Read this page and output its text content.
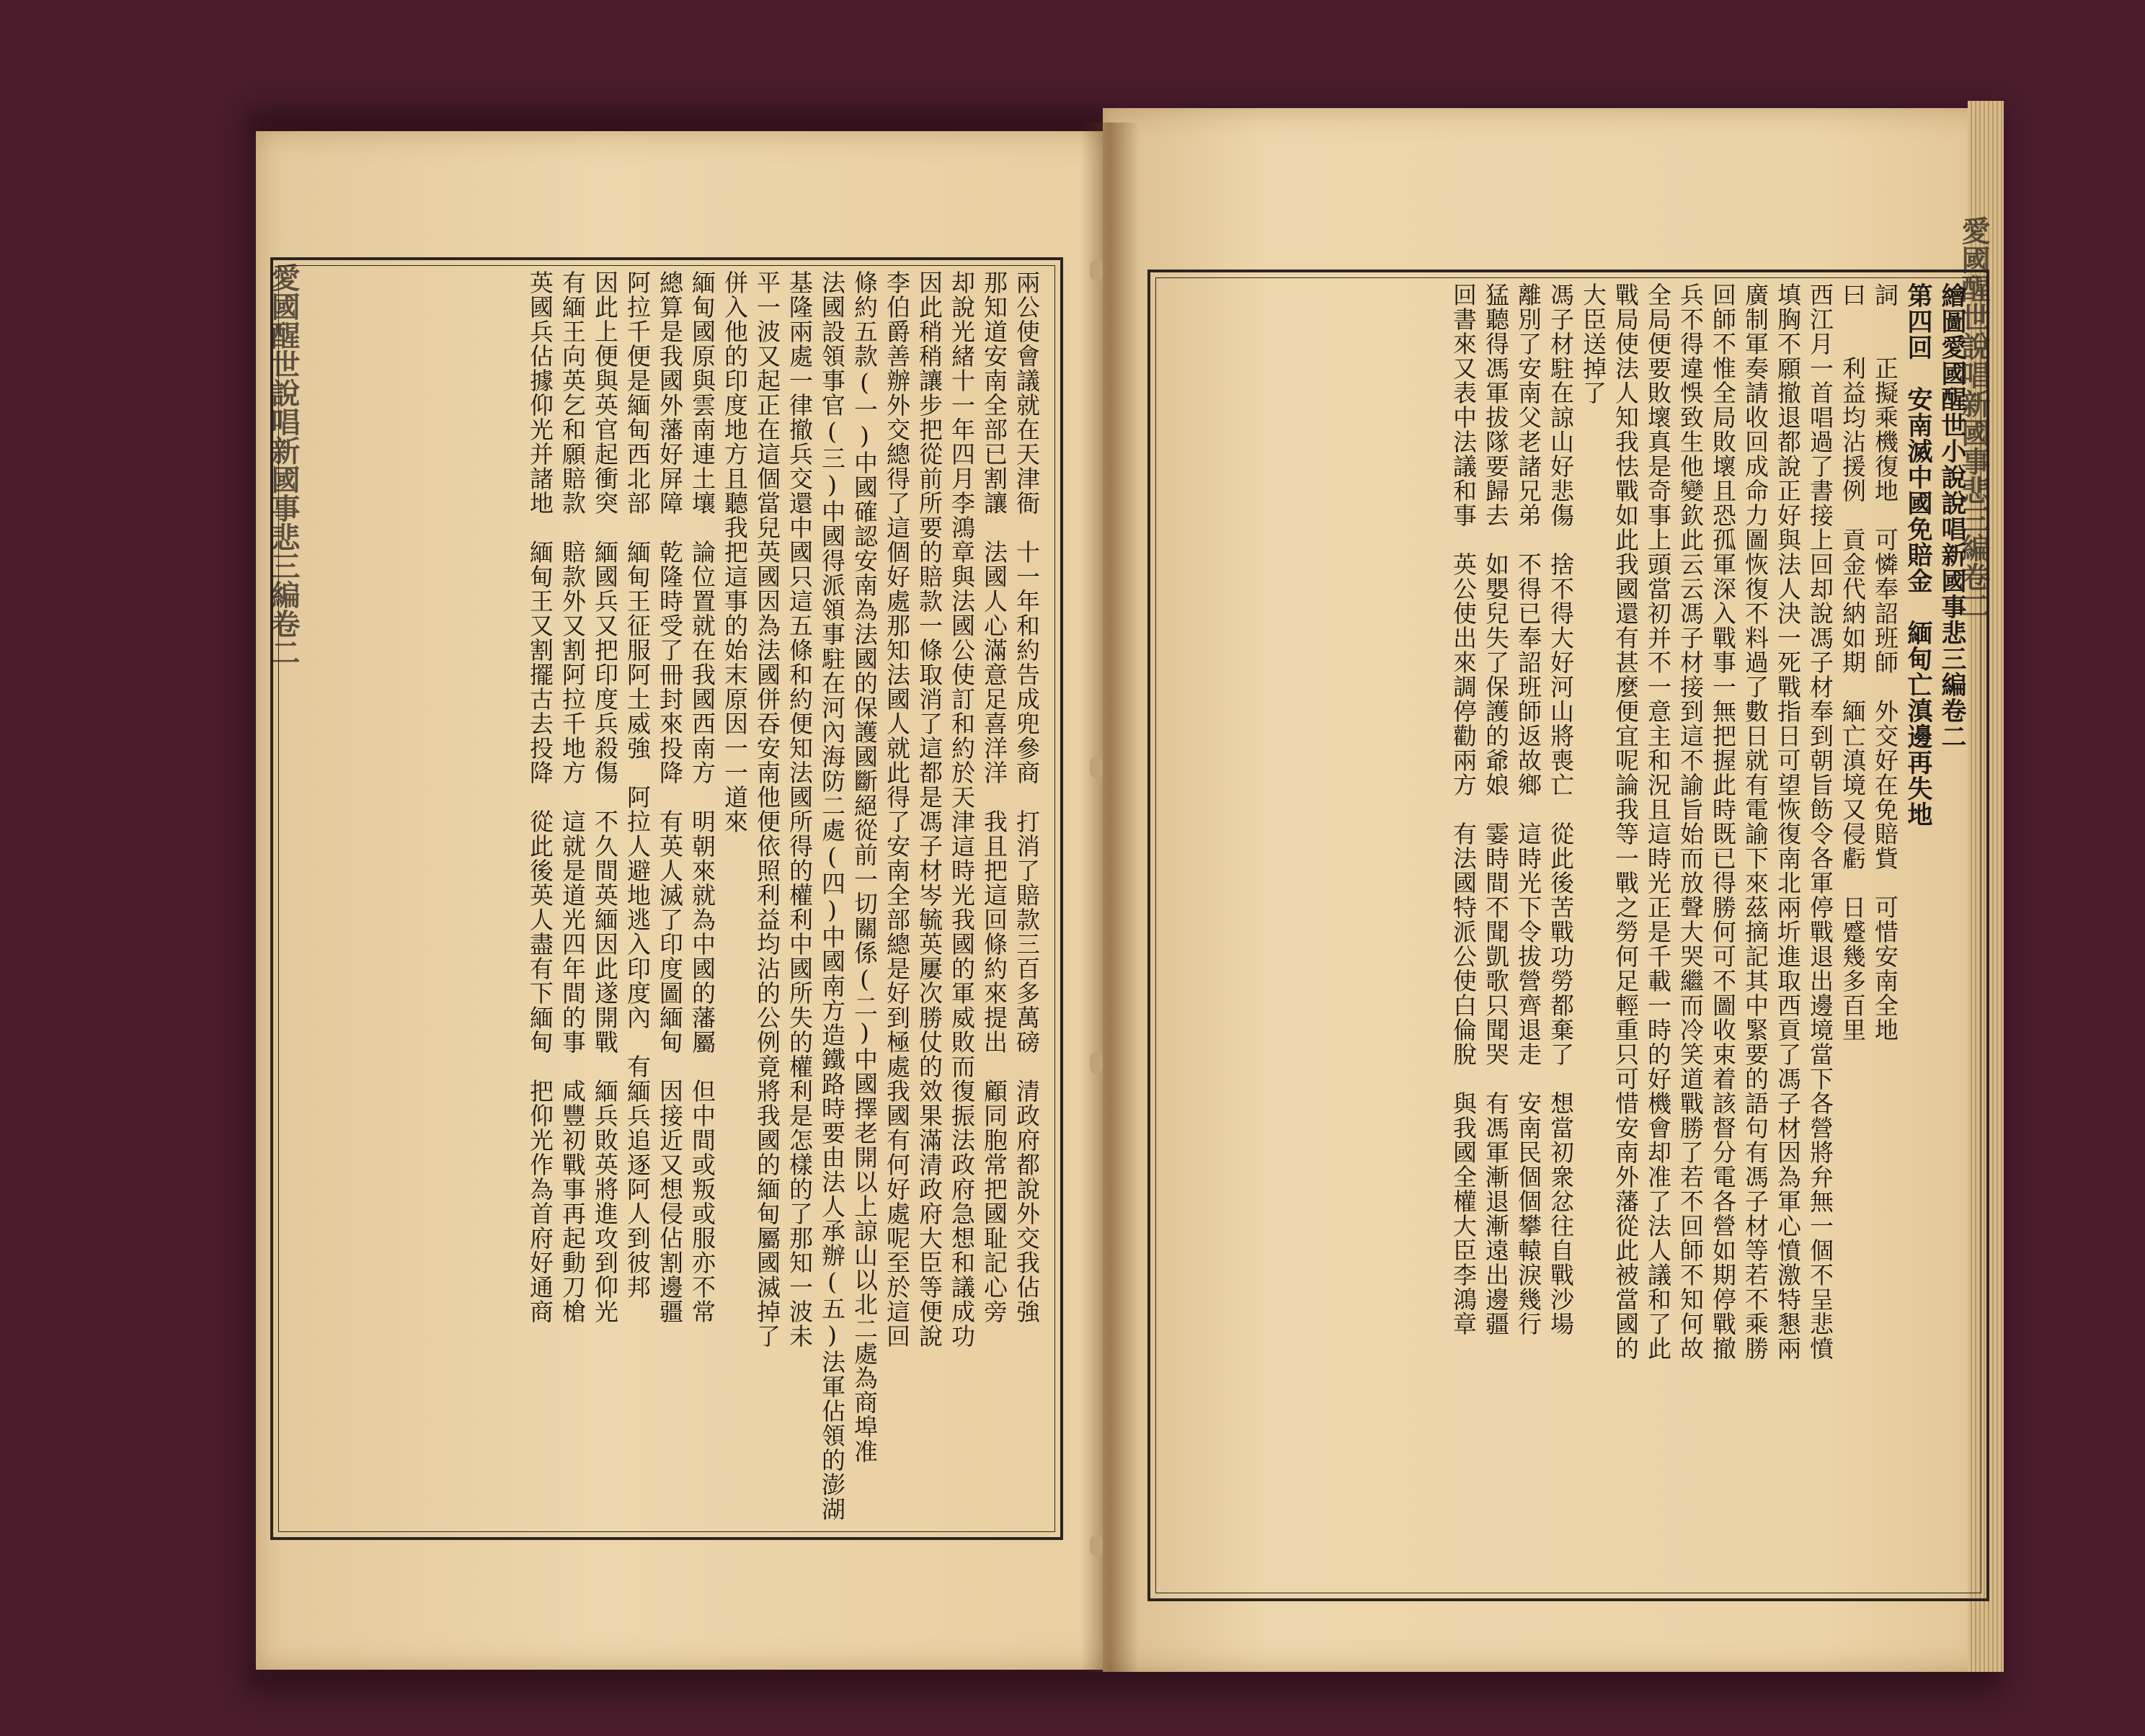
愛國醒世說唱新國事悲三編卷二	愛國醒世說唱新國事悲三編卷二
兩公使會議就在天津衙　十一年和約告成兜參商　打消了賠款三百多萬磅　清政府都說外交我佔強
那知道安南全部已割讓　法國人心滿意足喜洋洋　我且把這回條約來提出　顧同胞常把國耻記心旁
却說光緒十一年四月李鴻章與法國公使訂和約於天津這時光我國的軍威敗而復振法政府急想和議成功
因此稍稍讓步把從前所要的賠款一條取消了這都是馮子材岑毓英屢次勝仗的效果滿清政府大臣等便說
李伯爵善辦外交總得了這個好處那知法國人就此得了安南全部總是好到極處我國有何好處呢至於這回
條約五款(一)中國確認安南為法國的保護國斷絕從前一切關係(二)中國擇老開以上諒山以北二處為商埠准
法國設領事官(三)中國得派領事駐在河內海防二處(四)中國南方造鐵路時要由法人承辦(五)法軍佔領的澎湖
基隆兩處一律撤兵交還中國只這五條和約便知法國所得的權利中國所失的權利是怎樣的了那知一波未
平一波又起正在這個當兒英國因為法國併吞安南他便依照利益均沾的公例竟將我國的緬甸屬國滅掉了
併入他的印度地方且聽我把這事的始末原因一一道來
緬甸國原與雲南連土壤　論位置就在我國西南方　明朝來就為中國的藩屬　但中間或叛或服亦不常
總算是我國外藩好屏障　乾隆時受了冊封來投降　有英人滅了印度圖緬甸　因接近又想侵佔割邊疆
阿拉千便是緬甸西北部　緬甸王征服阿土威強　阿拉人避地逃入印度內　有緬兵追逐阿人到彼邦
因此上便與英官起衝突　緬國兵又把印度兵殺傷　不久間英緬因此遂開戰　緬兵敗英將進攻到仰光
有緬王向英乞和願賠款　賠款外又割阿拉千地方　這就是道光四年間的事　咸豐初戰事再起動刀槍
英國兵佔據仰光并諸地　緬甸王又割擺古去投降　從此後英人盡有下緬甸　把仰光作為首府好通商	繪圖愛國醒世小說說唱新國事悲三編卷二
第四回　安南滅中國免賠金　緬甸亡滇邊再失地
詞　　正擬乘機復地　可憐奉詔班師　外交好在免賠貲　可惜安南全地
曰　　利益均沾援例　貢金代納如期　緬亡滇境又侵虧　日蹙幾多百里
西江月一首唱過了書接上回却說馮子材奉到朝旨飭令各軍停戰退出邊境當下各營將弁無一個不呈悲憤
填胸不願撤退都說正好與法人決一死戰指日可望恢復南北兩圻進取西貢了馮子材因為軍心憤激特懇兩
廣制軍奏請收回成命力圖恢復不料過了數日就有電諭下來茲摘記其中緊要的語句有馮子材等若不乘勝
回師不惟全局敗壞且恐孤軍深入戰事一無把握此時既已得勝何可不圖收束着該督分電各營如期停戰撤
兵不得違悞致生他變欽此云云馮子材接到這不諭旨始而放聲大哭繼而冷笑道戰勝了若不回師不知何故
全局便要敗壞真是奇事上頭當初并不一意主和況且這時光正是千載一時的好機會却准了法人議和了此
戰局使法人知我怯戰如此我國還有甚麼便宜呢論我等一戰之勞何足輕重只可惜安南外藩從此被當國的
大臣送掉了
馮子材駐在諒山好悲傷　捨不得大好河山將喪亡　從此後苦戰功勞都棄了　想當初衆忿往自戰沙場
離別了安南父老諸兄弟　不得已奉詔班師返故鄉　這時光下令拔營齊退走　安南民個個攀轅淚幾行
猛聽得馮軍拔隊要歸去　如嬰兒失了保護的爺娘　霎時間不聞凱歌只聞哭　有馮軍漸退漸遠出邊疆
回書來又表中法議和事　英公使出來調停勸兩方　有法國特派公使白倫脫　與我國全權大臣李鴻章
